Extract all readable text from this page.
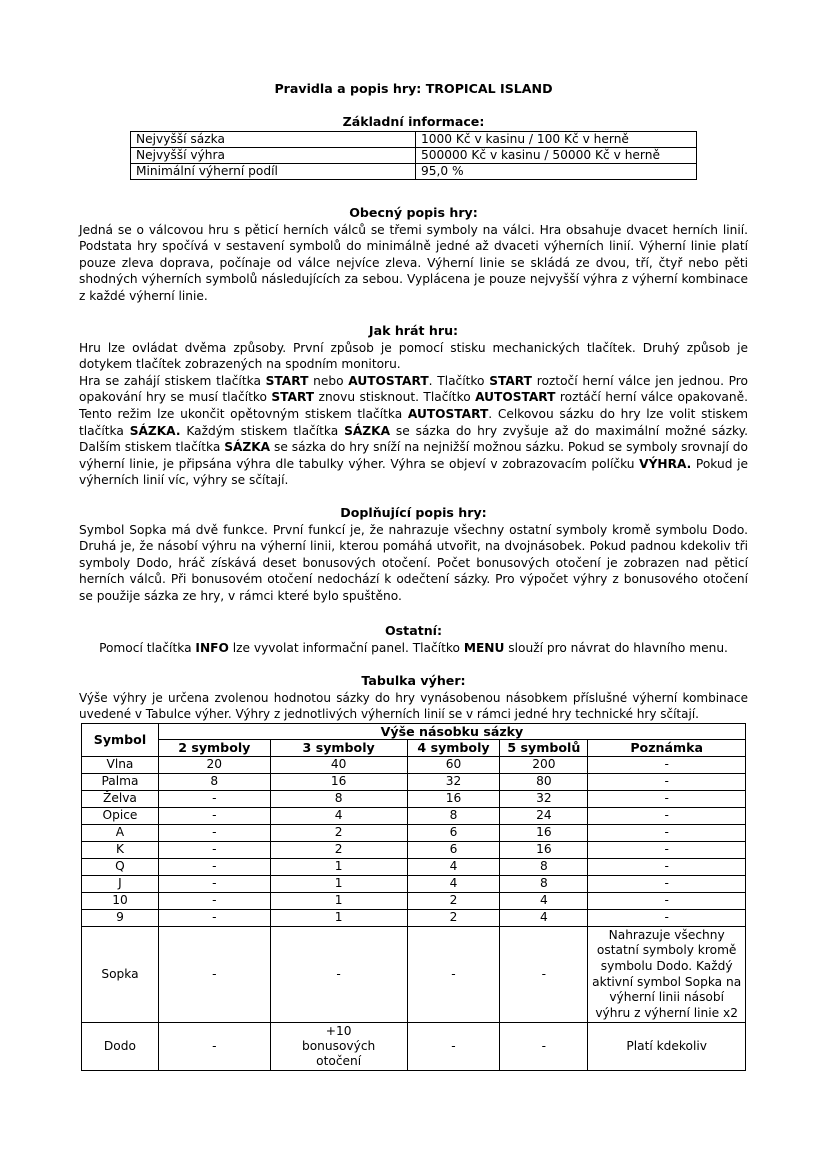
Pravidla a popis hry: TROPICAL ISLAND
Základní informace:
Nejvyšší sázka	1000 Kč v kasinu / 100 Kč v herně
Nejvyšší výhra	500000 Kč v kasinu / 50000 Kč v herně
Minimální výherní podíl	95,0 %
Obecný popis hry:

Jedná se o válcovou hru s pěticí herních válců se třemi symboly na válci. Hra obsahuje dvacet herních linií. Podstata hry spočívá v sestavení symbolů do minimálně jedné až dvaceti výherních linií. Výherní linie platí pouze zleva doprava, počínaje od válce nejvíce zleva. Výherní linie se skládá ze dvou, tří, čtyř nebo pěti shodných výherních symbolů následujících za sebou. Vyplácena je pouze nejvyšší výhra z výherní kombinace z každé výherní linie.

Jak hrát hru:

Hru lze ovládat dvěma způsoby. První způsob je pomocí stisku mechanických tlačítek. Druhý způsob je dotykem tlačítek zobrazených na spodním monitoru.

Hra se zahájí stiskem tlačítka START nebo AUTOSTART. Tlačítko START roztočí herní válce jen jednou. Pro opakování hry se musí tlačítko START znovu stisknout. Tlačítko AUTOSTART roztáčí herní válce opakovaně. Tento režim lze ukončit opětovným stiskem tlačítka AUTOSTART. Celkovou sázku do hry lze volit stiskem tlačítka SÁZKA. Každým stiskem tlačítka SÁZKA se sázka do hry zvyšuje až do maximální možné sázky. Dalším stiskem tlačítka SÁZKA se sázka do hry sníží na nejnižší možnou sázku. Pokud se symboly srovnají do výherní linie, je připsána výhra dle tabulky výher. Výhra se objeví v zobrazovacím políčku VÝHRA. Pokud je výherních linií víc, výhry se sčítají.

Doplňující popis hry:

Symbol Sopka má dvě funkce. První funkcí je, že nahrazuje všechny ostatní symboly kromě symbolu Dodo. Druhá je, že násobí výhru na výherní linii, kterou pomáhá utvořit, na dvojnásobek. Pokud padnou kdekoliv tři symboly Dodo, hráč získává deset bonusových otočení. Počet bonusových otočení je zobrazen nad pěticí herních válců. Při bonusovém otočení nedochází k odečtení sázky. Pro výpočet výhry z bonusového otočení se použije sázka ze hry, v rámci které bylo spuštěno.

Ostatní:

Pomocí tlačítka INFO lze vyvolat informační panel. Tlačítko MENU slouží pro návrat do hlavního menu.

Tabulka výher:

Výše výhry je určena zvolenou hodnotou sázky do hry vynásobenou násobkem příslušné výherní kombinace uvedené v Tabulce výher. Výhry z jednotlivých výherních linií se v rámci jedné hry technické hry sčítají.

Symbol	Výše násobku sázky				
	2 symboly	3 symboly	4 symboly	5 symbolů	Poznámka
Vlna	20	40	60	200	-
Palma	8	16	32	80	-
Želva	-	8	16	32	-
Opice	-	4	8	24	-
A	-	2	6	16	-
K	-	2	6	16	-
Q	-	1	4	8	-
J	-	1	4	8	-
10	-	1	2	4	-
9	-	1	2	4	-
Sopka	-	-	-	-	Nahrazuje všechny ostatní symboly kromě symbolu Dodo. Každý aktivní symbol Sopka na výherní linii násobí výhru z výherní linie x2
Dodo	-	+10 bonusových otočení	-	-	Platí kdekoliv
